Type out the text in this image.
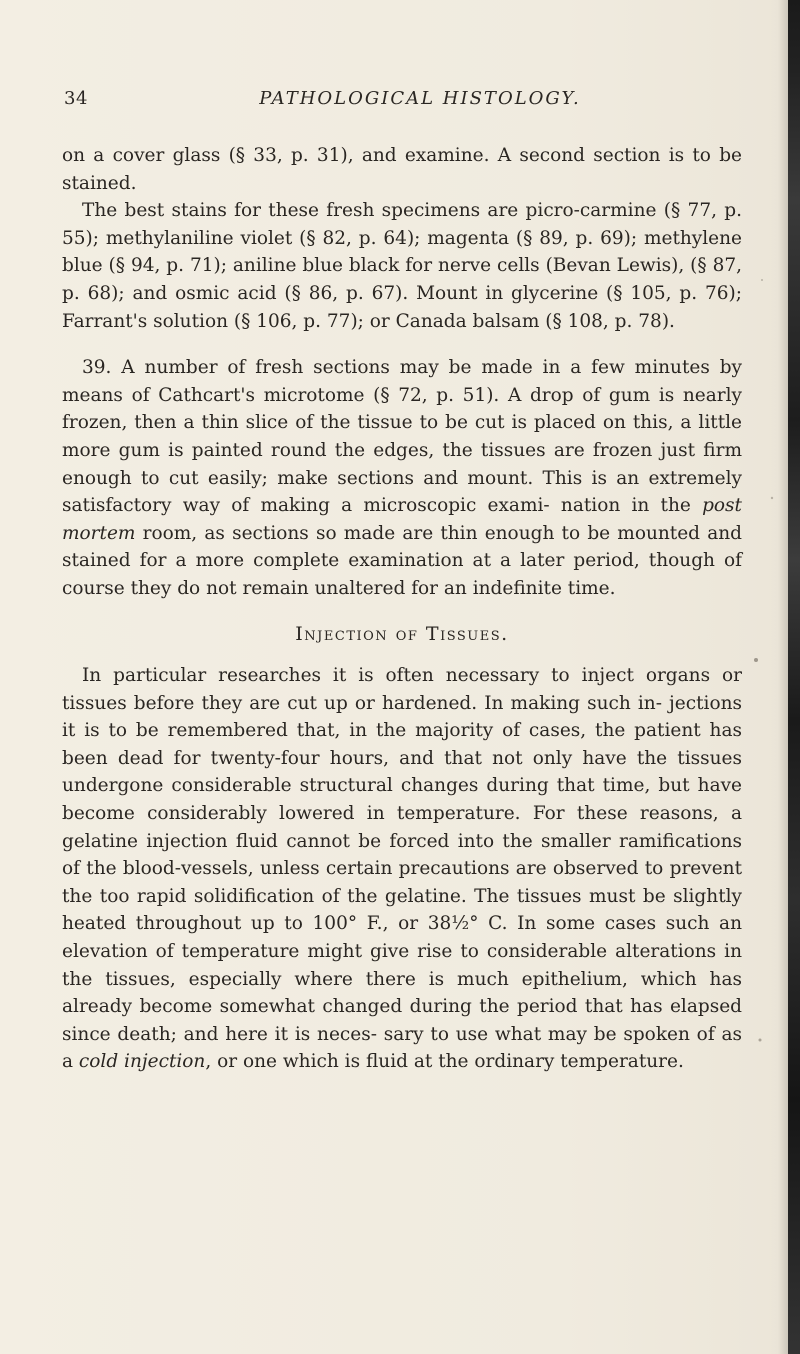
34	PATHOLOGICAL HISTOLOGY.

on a cover glass (§ 33, p. 31), and examine. A second section is to be stained.

The best stains for these fresh specimens are picro-carmine (§ 77, p. 55); methylaniline violet (§ 82, p. 64); magenta (§ 89, p. 69); methylene blue (§ 94, p. 71); aniline blue black for nerve cells (Bevan Lewis), (§ 87, p. 68); and osmic acid (§ 86, p. 67). Mount in glycerine (§ 105, p. 76); Farrant's solution (§ 106, p. 77); or Canada balsam (§ 108, p. 78).

39. A number of fresh sections may be made in a few minutes by means of Cathcart's microtome (§ 72, p. 51). A drop of gum is nearly frozen, then a thin slice of the tissue to be cut is placed on this, a little more gum is painted round the edges, the tissues are frozen just firm enough to cut easily; make sections and mount. This is an extremely satisfactory way of making a microscopic exami- nation in the post mortem room, as sections so made are thin enough to be mounted and stained for a more complete examination at a later period, though of course they do not remain unaltered for an indefinite time.

Injection of Tissues.

In particular researches it is often necessary to inject organs or tissues before they are cut up or hardened. In making such in- jections it is to be remembered that, in the majority of cases, the patient has been dead for twenty-four hours, and that not only have the tissues undergone considerable structural changes during that time, but have become considerably lowered in temperature. For these reasons, a gelatine injection fluid cannot be forced into the smaller ramifications of the blood-vessels, unless certain precautions are observed to prevent the too rapid solidification of the gelatine. The tissues must be slightly heated throughout up to 100° F., or 38½° C. In some cases such an elevation of temperature might give rise to considerable alterations in the tissues, especially where there is much epithelium, which has already become somewhat changed during the period that has elapsed since death; and here it is neces- sary to use what may be spoken of as a cold injection, or one which is fluid at the ordinary temperature.
